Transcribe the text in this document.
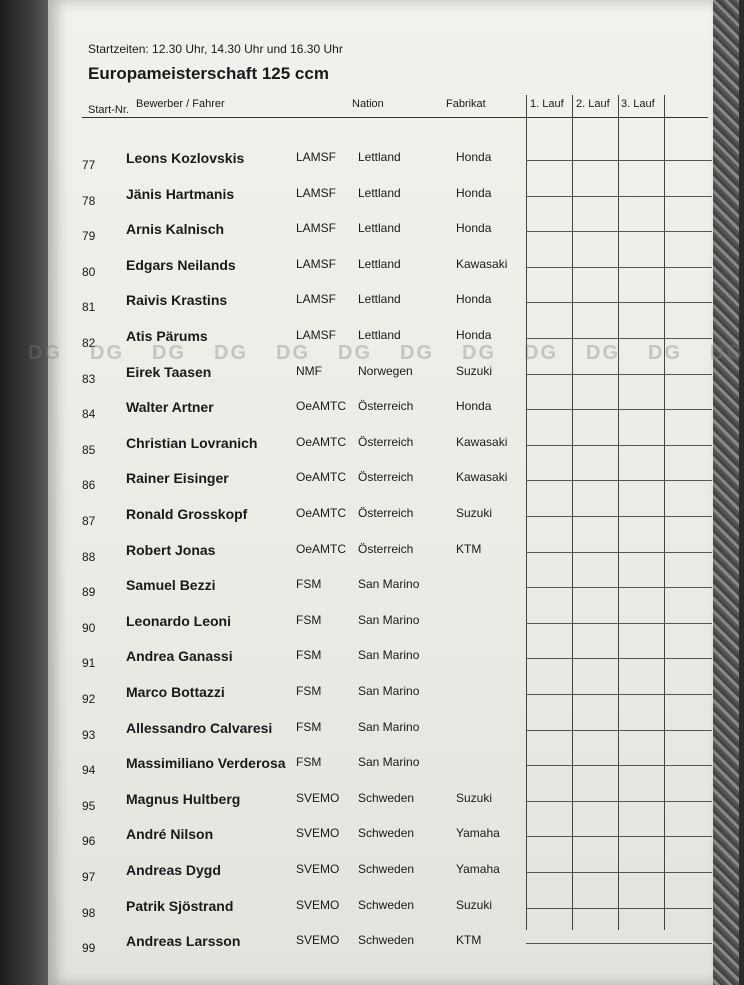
Startzeiten: 12.30 Uhr, 14.30 Uhr und 16.30 Uhr
Europameisterschaft 125 ccm
Start-Nr. Bewerber / Fahrer	Nation	Fabrikat	1. Lauf 2. Lauf 3. Lauf
77 Leons Kozlovskis	LAMSF Lettland	Honda
78 Jänis Hartmanis	LAMSF Lettland	Honda
79 Arnis Kalnisch	LAMSF Lettland	Honda
80 Edgars Neilands	LAMSF Lettland	Kawasaki
81 Raivis Krastins	LAMSF Lettland	Honda
82 Atis Pärums	LAMSF Lettland	Honda
83 Eirek Taasen	NMF	Norwegen	Suzuki
84 Walter Artner	OeAMTC Österreich	Honda
85 Christian Lovranich	OeAMTC Österreich	Kawasaki
86 Rainer Eisinger	OeAMTC Österreich	Kawasaki
87 Ronald Grosskopf	OeAMTC Österreich	Suzuki
88 Robert Jonas	OeAMTC Österreich	KTM
89 Samuel Bezzi	FSM	San Marino
90 Leonardo Leoni	FSM	San Marino
91 Andrea Ganassi	FSM	San Marino
92 Marco Bottazzi	FSM	San Marino
93 Allessandro Calvaresi FSM	San Marino
94 Massimiliano Verderosa FSM	San Marino
95 Magnus Hultberg	SVEMO Schweden	Suzuki
96 André Nilson	SVEMO Schweden	Yamaha
97 Andreas Dygd	SVEMO Schweden	Yamaha
98 Patrik Sjöstrand	SVEMO Schweden	Suzuki
99 Andreas Larsson	SVEMO Schweden	KTM
DG DG DG DG DG DG DG DG DG DG DG DG
